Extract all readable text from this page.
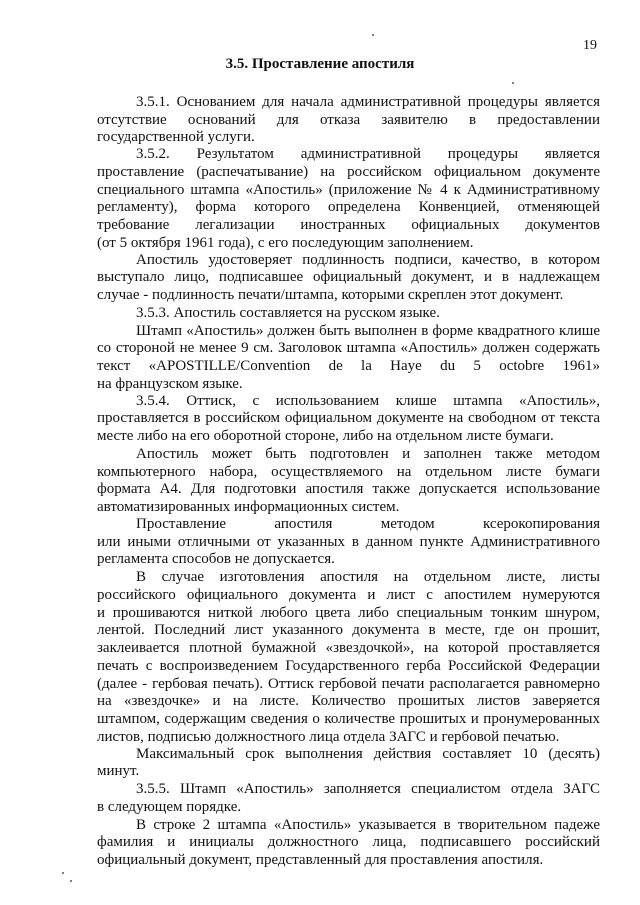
19
3.5. Проставление апостиля
3.5.1. Основанием для начала административной процедуры является
отсутствие оснований для отказа заявителю в предоставлении
государственной услуги.
3.5.2. Результатом административной процедуры является
проставление (распечатывание) на российском официальном документе
специального штампа «Апостиль» (приложение № 4 к Административному
регламенту), форма которого определена Конвенцией, отменяющей
требование легализации иностранных официальных документов
(от 5 октября 1961 года), с его последующим заполнением.
Апостиль удостоверяет подлинность подписи, качество, в котором
выступало лицо, подписавшее официальный документ, и в надлежащем
случае - подлинность печати/штампа, которыми скреплен этот документ.
3.5.3. Апостиль составляется на русском языке.
Штамп «Апостиль» должен быть выполнен в форме квадратного клише
со стороной не менее 9 см. Заголовок штампа «Апостиль» должен содержать
текст «APOSTILLE/Convention de la Haye du 5 octobre 1961»
на французском языке.
3.5.4. Оттиск, с использованием клише штампа «Апостиль»,
проставляется в российском официальном документе на свободном от текста
месте либо на его оборотной стороне, либо на отдельном листе бумаги.
Апостиль может быть подготовлен и заполнен также методом
компьютерного набора, осуществляемого на отдельном листе бумаги
формата А4. Для подготовки апостиля также допускается использование
автоматизированных информационных систем.
Проставление апостиля методом ксерокопирования
или иными отличными от указанных в данном пункте Административного
регламента способов не допускается.
В случае изготовления апостиля на отдельном листе, листы
российского официального документа и лист с апостилем нумеруются
и прошиваются ниткой любого цвета либо специальным тонким шнуром,
лентой. Последний лист указанного документа в месте, где он прошит,
заклеивается плотной бумажной «звездочкой», на которой проставляется
печать с воспроизведением Государственного герба Российской Федерации
(далее - гербовая печать). Оттиск гербовой печати располагается равномерно
на «звездочке» и на листе. Количество прошитых листов заверяется
штампом, содержащим сведения о количестве прошитых и пронумерованных
листов, подписью должностного лица отдела ЗАГС и гербовой печатью.
Максимальный срок выполнения действия составляет 10 (десять)
минут.
3.5.5. Штамп «Апостиль» заполняется специалистом отдела ЗАГС
в следующем порядке.
В строке 2 штампа «Апостиль» указывается в творительном падеже
фамилия и инициалы должностного лица, подписавшего российский
официальный документ, представленный для проставления апостиля.
